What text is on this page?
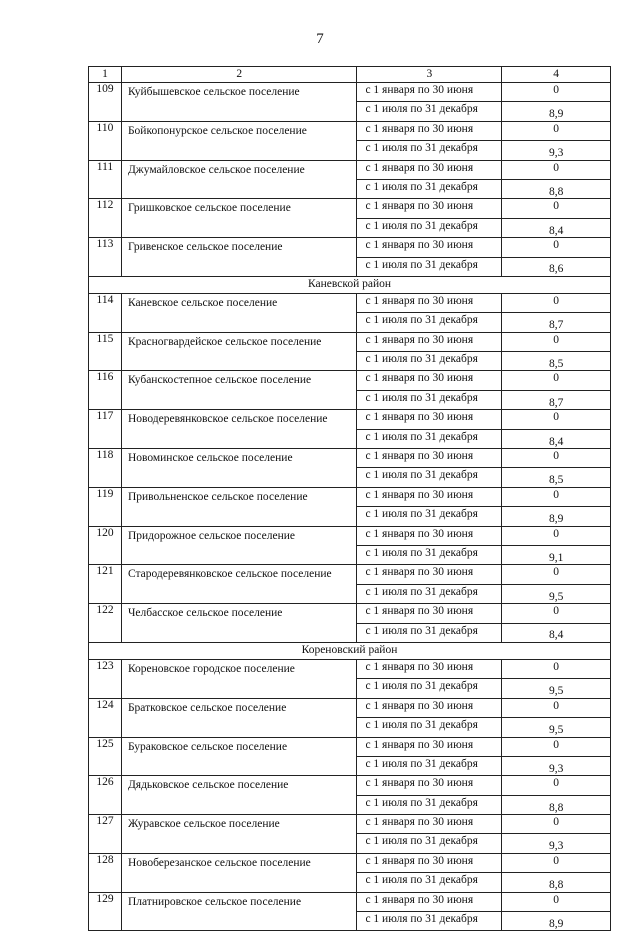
7
1	2	3	4
109	Куйбышевское сельское поселение	с 1 января по 30 июня	0
		с 1 июля по 31 декабря	8,9
110	Бойкопонурское сельское поселение	с 1 января по 30 июня	0
		с 1 июля по 31 декабря	9,3
111	Джумайловское сельское поселение	с 1 января по 30 июня	0
		с 1 июля по 31 декабря	8,8
112	Гришковское сельское поселение	с 1 января по 30 июня	0
		с 1 июля по 31 декабря	8,4
113	Гривенское сельское поселение	с 1 января по 30 июня	0
		с 1 июля по 31 декабря	8,6
Каневской район			
114	Каневское сельское поселение	с 1 января по 30 июня	0
		с 1 июля по 31 декабря	8,7
115	Красногвардейское сельское поселение	с 1 января по 30 июня	0
		с 1 июля по 31 декабря	8,5
116	Кубанскостепное сельское поселение	с 1 января по 30 июня	0
		с 1 июля по 31 декабря	8,7
117	Новодеревянковское сельское поселение	с 1 января по 30 июня	0
		с 1 июля по 31 декабря	8,4
118	Новоминское сельское поселение	с 1 января по 30 июня	0
		с 1 июля по 31 декабря	8,5
119	Привольненское сельское поселение	с 1 января по 30 июня	0
		с 1 июля по 31 декабря	8,9
120	Придорожное сельское поселение	с 1 января по 30 июня	0
		с 1 июля по 31 декабря	9,1
121	Стародеревянковское сельское поселение	с 1 января по 30 июня	0
		с 1 июля по 31 декабря	9,5
122	Челбасское сельское поселение	с 1 января по 30 июня	0
		с 1 июля по 31 декабря	8,4
Кореновский район			
123	Кореновское городское поселение	с 1 января по 30 июня	0
		с 1 июля по 31 декабря	9,5
124	Братковское сельское поселение	с 1 января по 30 июня	0
		с 1 июля по 31 декабря	9,5
125	Бураковское сельское поселение	с 1 января по 30 июня	0
		с 1 июля по 31 декабря	9,3
126	Дядьковское сельское поселение	с 1 января по 30 июня	0
		с 1 июля по 31 декабря	8,8
127	Журавское сельское поселение	с 1 января по 30 июня	0
		с 1 июля по 31 декабря	9,3
128	Новоберезанское сельское поселение	с 1 января по 30 июня	0
		с 1 июля по 31 декабря	8,8
129	Платнировское сельское поселение	с 1 января по 30 июня	0
		с 1 июля по 31 декабря	8,9
